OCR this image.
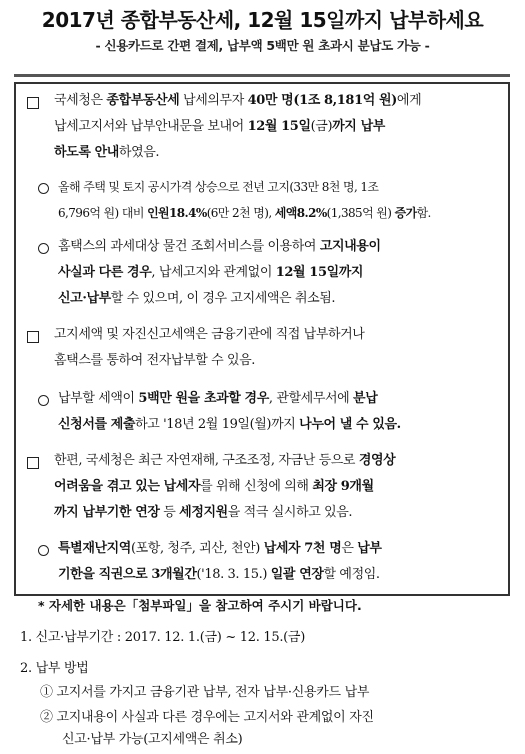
2017년 종합부동산세, 12월 15일까지 납부하세요
- 신용카드로 간편 결제, 납부액 5백만 원 초과시 분납도 가능 -
국세청은 종합부동산세 납세의무자 40만 명(1조 8,181억 원)에게
납세고지서와 납부안내문을 보내어 12월 15일(금)까지 납부
하도록 안내하였음.
올해 주택 및 토지 공시가격 상승으로 전년 고지(33만 8천 명, 1조
6,796억 원) 대비 인원18.4%(6만 2천 명), 세액8.2%(1,385억 원) 증가함.
홈택스의 과세대상 물건 조회서비스를 이용하여 고지내용이
사실과 다른 경우, 납세고지와 관계없이 12월 15일까지
신고·납부할 수 있으며, 이 경우 고지세액은 취소됨.
고지세액 및 자진신고세액은 금융기관에 직접 납부하거나
홈택스를 통하여 전자납부할 수 있음.
납부할 세액이 5백만 원을 초과할 경우, 관할세무서에 분납
신청서를 제출하고 '18년 2월 19일(월)까지 나누어 낼 수 있음.
한편, 국세청은 최근 자연재해, 구조조정, 자금난 등으로 경영상
어려움을 겪고 있는 납세자를 위해 신청에 의해 최장 9개월
까지 납부기한 연장 등 세정지원을 적극 실시하고 있음.
특별재난지역(포항, 청주, 괴산, 천안) 납세자 7천 명은 납부
기한을 직권으로 3개월간('18. 3. 15.) 일괄 연장할 예정임.
* 자세한 내용은「첨부파일」을 참고하여 주시기 바랍니다.
1. 신고·납부기간 : 2017. 12. 1.(금) ~ 12. 15.(금)
2. 납부 방법
① 고지서를 가지고 금융기관 납부, 전자 납부·신용카드 납부
② 고지내용이 사실과 다른 경우에는 고지서와 관계없이 자진
신고·납부 가능(고지세액은 취소)
